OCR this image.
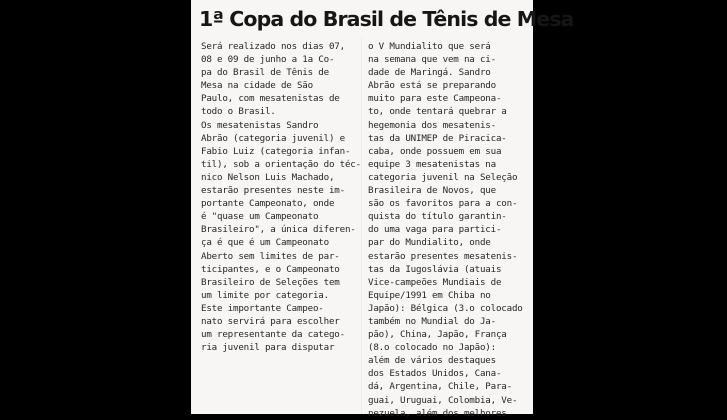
1ª Copa do Brasil de Tênis de Mesa
Será realizado nos dias 07,
08 e 09 de junho a 1a Co-
pa do Brasil de Tênis de
Mesa na cidade de São
Paulo, com mesatenistas de
todo o Brasil.
Os mesatenistas Sandro
Abrão (categoria juvenil) e
Fabio Luiz (categoria infan-
til), sob a orientação do téc-
nico Nelson Luis Machado,
estarão presentes neste im-
portante Campeonato, onde
é "quase um Campeonato
Brasileiro", a única diferen-
ça é que é um Campeonato
Aberto sem limites de par-
ticipantes, e o Campeonato
Brasileiro de Seleções tem
um limite por categoria.
Este importante Campeo-
nato servirá para escolher
um representante da catego-
ria juvenil para disputar
o V Mundialito que será
na semana que vem na ci-
dade de Maringá. Sandro
Abrão está se preparando
muito para este Campeona-
to, onde tentará quebrar a
hegemonia dos mesatenis-
tas da UNIMEP de Piracica-
caba, onde possuem em sua
equipe 3 mesatenistas na
categoria juvenil na Seleção
Brasileira de Novos, que
são os favoritos para a con-
quista do título garantin-
do uma vaga para partici-
par do Mundialito, onde
estarão presentes mesatenis-
tas da Iugoslávia (atuais
Vice-campeões Mundiais de
Equipe/1991 em Chiba no
Japão): Bélgica (3.o colocado
também no Mundial do Ja-
pão), China, Japão, França
(8.o colocado no Japão):
além de vários destaques
dos Estados Unidos, Cana-
dá, Argentina, Chile, Para-
guai, Uruguai, Colombia, Ve-
nezuela, além dos melhores
